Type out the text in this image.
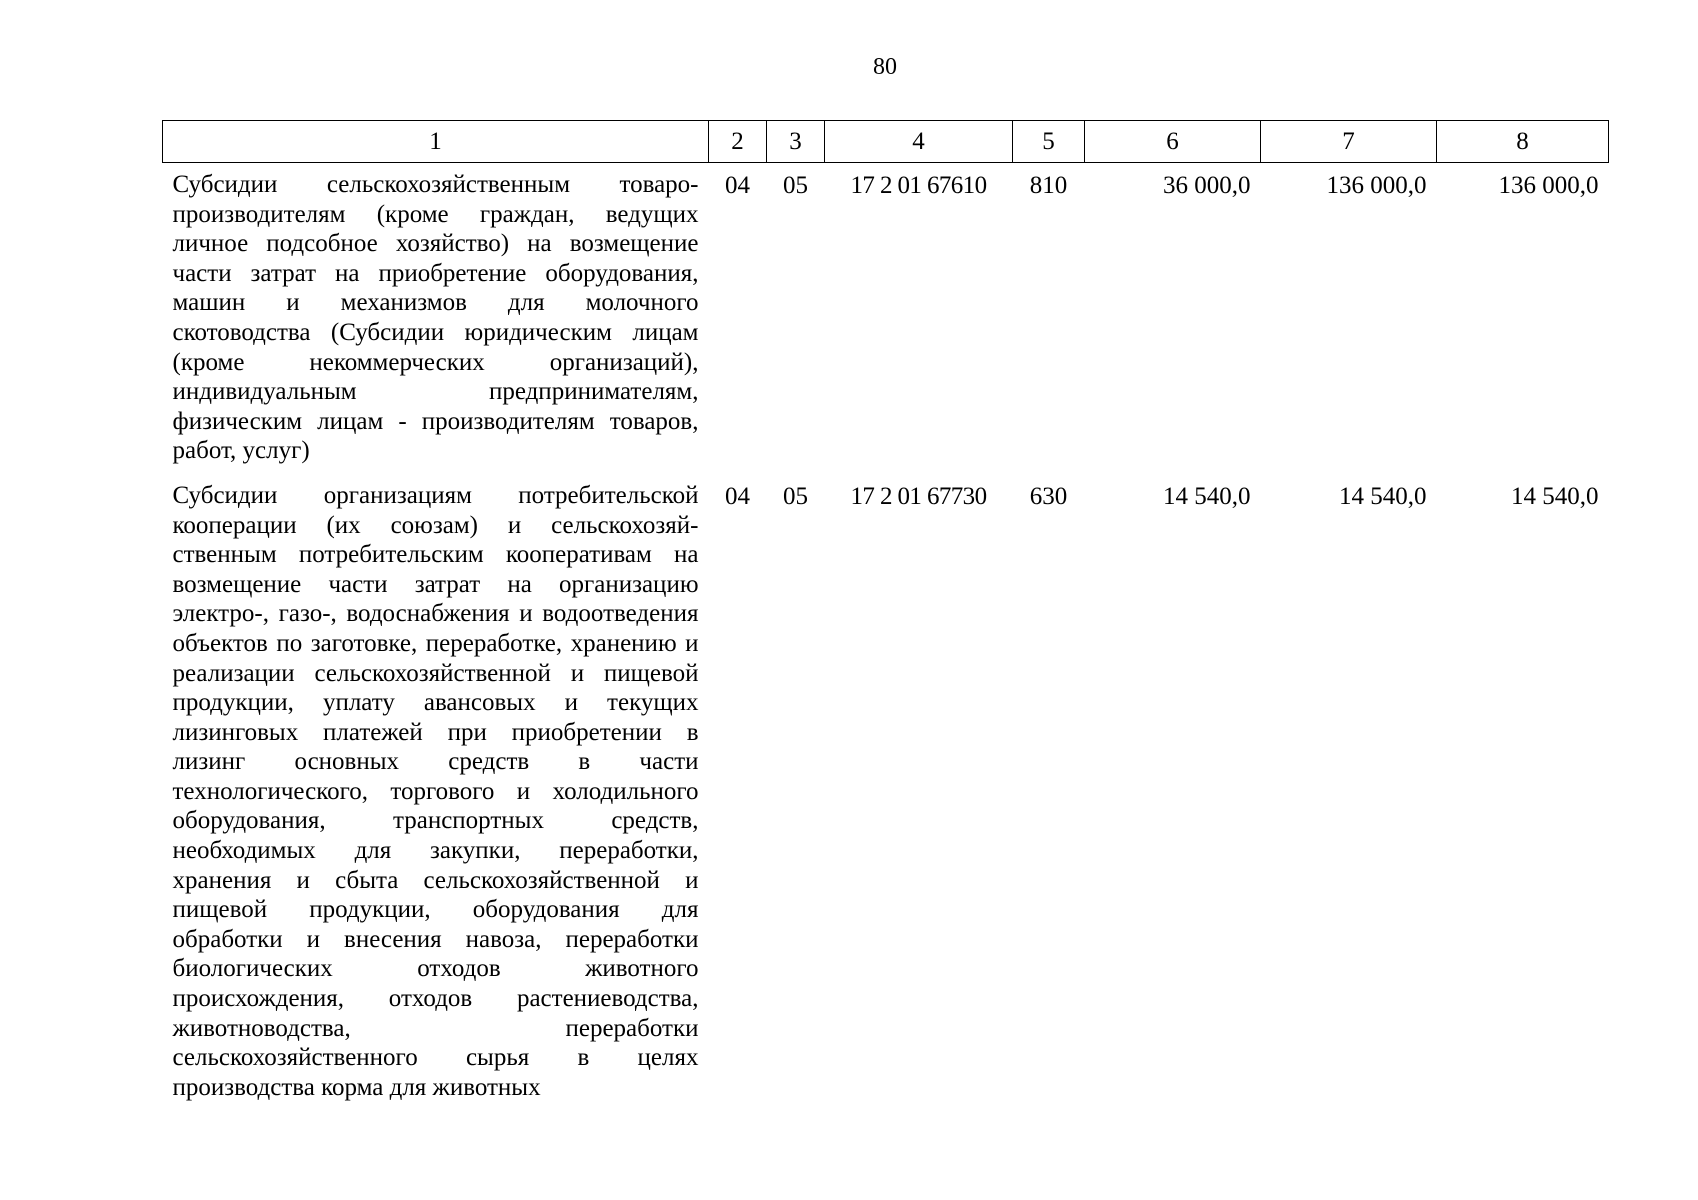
80
1	2	3	4	5	6	7	8
Субсидии сельскохозяйственным товаропроизводителям (кроме граждан, ведущих личное подсобное хозяйство) на возмещение части затрат на приобретение оборудования, машин и механизмов для молочного скотоводства (Субсидии юридическим лицам (кроме некоммерческих организаций), индивидуальным предпринимателям, физическим лицам - производителям товаров, работ, услуг)	04	05	17 2 01 67610	810	36 000,0	136 000,0	136 000,0
Субсидии организациям потребительской кооперации (их союзам) и сельскохозяйственным потребительским кооперативам на возмещение части затрат на организацию электро-, газо-, водоснабжения и водоотведения объектов по заготовке, переработке, хранению и реализации сельскохозяйственной и пищевой продукции, уплату авансовых и текущих лизинговых платежей при приобретении в лизинг основных средств в части технологического, торгового и холодильного оборудования, транспортных средств, необходимых для закупки, переработки, хранения и сбыта сельскохозяйственной и пищевой продукции, оборудования для обработки и внесения навоза, переработки биологических отходов животного происхождения, отходов растениеводства, животноводства, переработки сельскохозяйственного сырья в целях производства корма для животных	04	05	17 2 01 67730	630	14 540,0	14 540,0	14 540,0
